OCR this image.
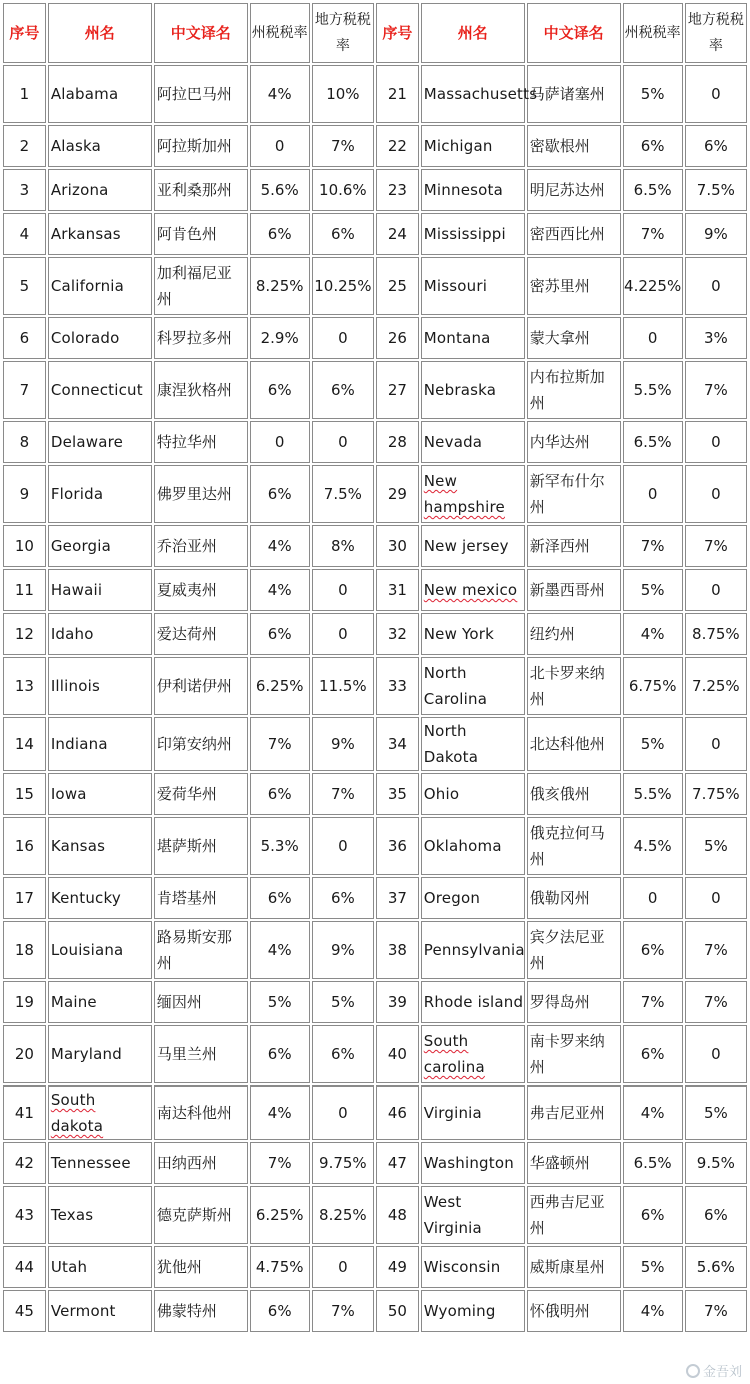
序号	州名	中文译名	州税税率	地方税税率	序号	州名	中文译名	州税税率	地方税税率
1	Alabama	阿拉巴马州	4%	10%	21	Massachusetts	马萨诸塞州	5%	0
2	Alaska	阿拉斯加州	0	7%	22	Michigan	密歇根州	6%	6%
3	Arizona	亚利桑那州	5.6%	10.6%	23	Minnesota	明尼苏达州	6.5%	7.5%
4	Arkansas	阿肯色州	6%	6%	24	Mississippi	密西西比州	7%	9%
5	California	加利福尼亚州	8.25%	10.25%	25	Missouri	密苏里州	4.225%	0
6	Colorado	科罗拉多州	2.9%	0	26	Montana	蒙大拿州	0	3%
7	Connecticut	康涅狄格州	6%	6%	27	Nebraska	内布拉斯加州	5.5%	7%
8	Delaware	特拉华州	0	0	28	Nevada	内华达州	6.5%	0
9	Florida	佛罗里达州	6%	7.5%	29	New hampshire	新罕布什尔州	0	0
10	Georgia	乔治亚州	4%	8%	30	New jersey	新泽西州	7%	7%
11	Hawaii	夏威夷州	4%	0	31	New mexico	新墨西哥州	5%	0
12	Idaho	爱达荷州	6%	0	32	New York	纽约州	4%	8.75%
13	Illinois	伊利诺伊州	6.25%	11.5%	33	North Carolina	北卡罗来纳州	6.75%	7.25%
14	Indiana	印第安纳州	7%	9%	34	North Dakota	北达科他州	5%	0
15	Iowa	爱荷华州	6%	7%	35	Ohio	俄亥俄州	5.5%	7.75%
16	Kansas	堪萨斯州	5.3%	0	36	Oklahoma	俄克拉何马州	4.5%	5%
17	Kentucky	肯塔基州	6%	6%	37	Oregon	俄勒冈州	0	0
18	Louisiana	路易斯安那州	4%	9%	38	Pennsylvania	宾夕法尼亚州	6%	7%
19	Maine	缅因州	5%	5%	39	Rhode island	罗得岛州	7%	7%
20	Maryland	马里兰州	6%	6%	40	South carolina	南卡罗来纳州	6%	0
41	South dakota	南达科他州	4%	0	46	Virginia	弗吉尼亚州	4%	5%
42	Tennessee	田纳西州	7%	9.75%	47	Washington	华盛顿州	6.5%	9.5%
43	Texas	德克萨斯州	6.25%	8.25%	48	West Virginia	西弗吉尼亚州	6%	6%
44	Utah	犹他州	4.75%	0	49	Wisconsin	威斯康星州	5%	5.6%
45	Vermont	佛蒙特州	6%	7%	50	Wyoming	怀俄明州	4%	7%
金吾刘
